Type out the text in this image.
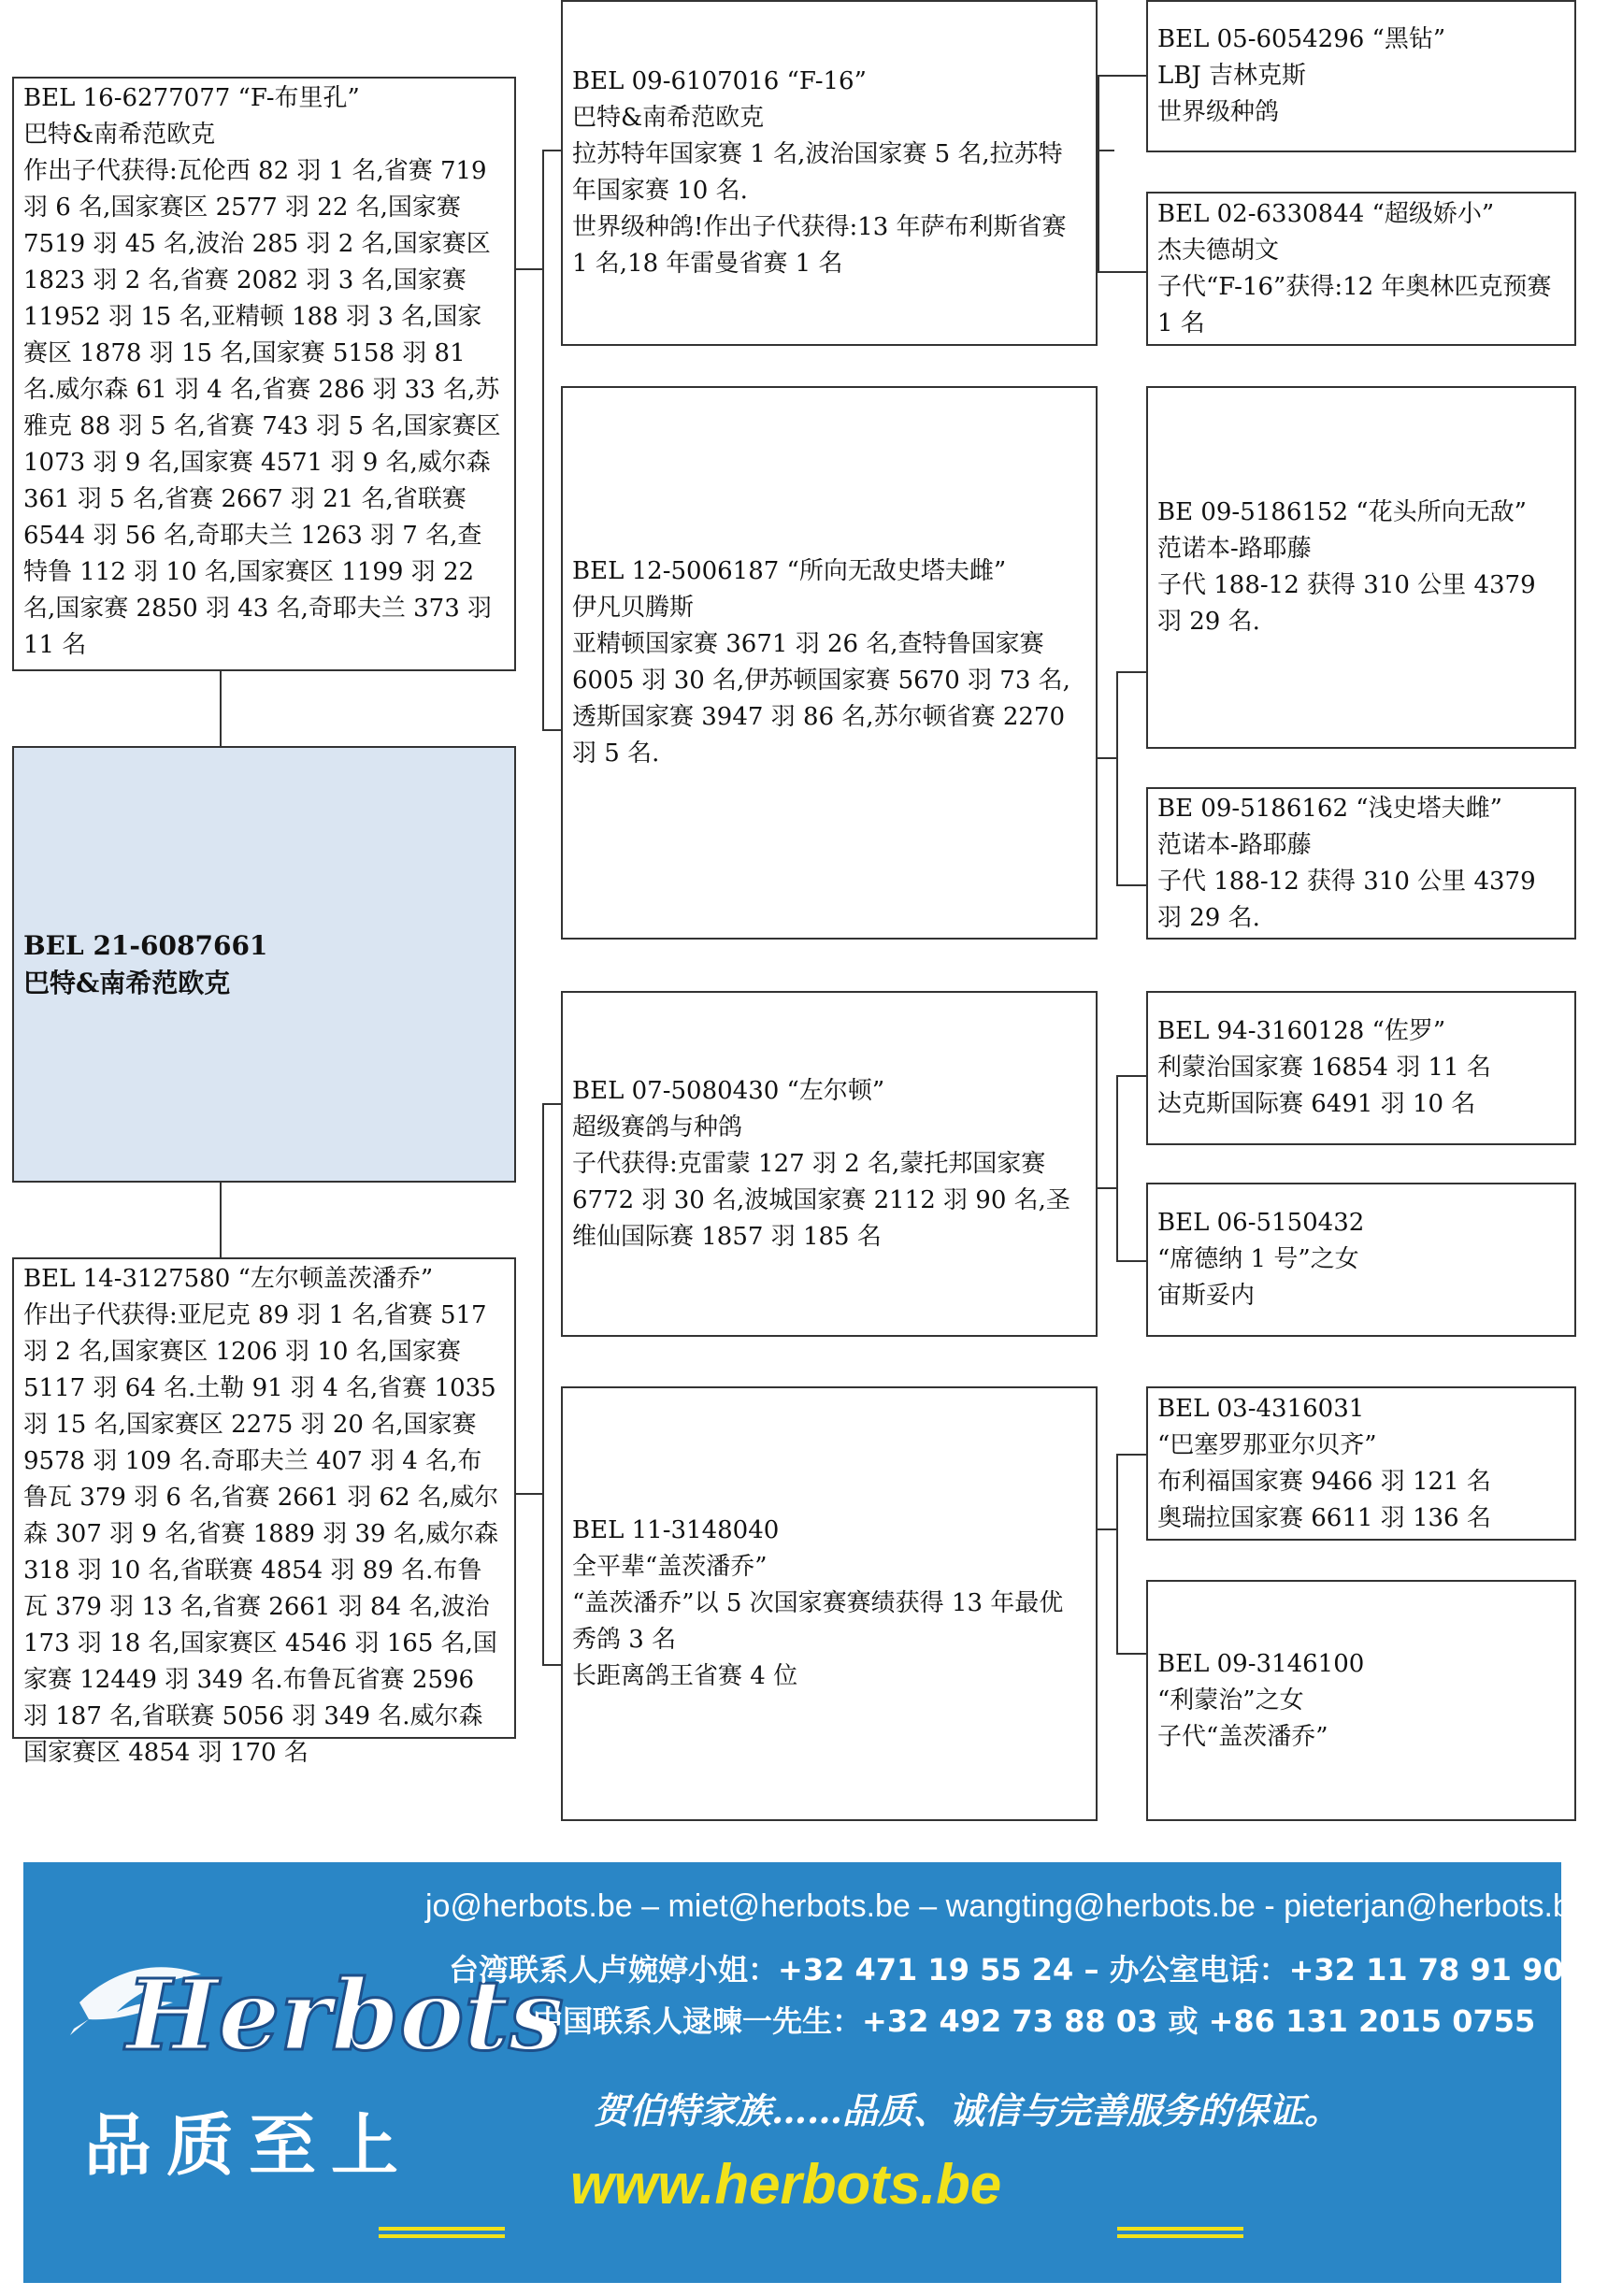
BEL 16-6277077 “F-布里孔”
巴特&南希范欧克
作出子代获得:瓦伦西 82 羽 1 名,省赛 719 羽 6 名,国家赛区 2577 羽 22 名,国家赛 7519 羽 45 名,波治 285 羽 2 名,国家赛区 1823 羽 2 名,省赛 2082 羽 3 名,国家赛 11952 羽 15 名,亚精顿 188 羽 3 名,国家赛区 1878 羽 15 名,国家赛 5158 羽 81 名.威尔森 61 羽 4 名,省赛 286 羽 33 名,苏雅克 88 羽 5 名,省赛 743 羽 5 名,国家赛区 1073 羽 9 名,国家赛 4571 羽 9 名,威尔森 361 羽 5 名,省赛 2667 羽 21 名,省联赛 6544 羽 56 名,奇耶夫兰 1263 羽 7 名,查特鲁 112 羽 10 名,国家赛区 1199 羽 22 名,国家赛 2850 羽 43 名,奇耶夫兰 373 羽 11 名
BEL 21-6087661
巴特&南希范欧克
BEL 14-3127580 “左尔顿盖茨潘乔”
作出子代获得:亚尼克 89 羽 1 名,省赛 517 羽 2 名,国家赛区 1206 羽 10 名,国家赛 5117 羽 64 名.土勒 91 羽 4 名,省赛 1035 羽 15 名,国家赛区 2275 羽 20 名,国家赛 9578 羽 109 名.奇耶夫兰 407 羽 4 名,布鲁瓦 379 羽 6 名,省赛 2661 羽 62 名,威尔森 307 羽 9 名,省赛 1889 羽 39 名,威尔森 318 羽 10 名,省联赛 4854 羽 89 名.布鲁瓦 379 羽 13 名,省赛 2661 羽 84 名,波治 173 羽 18 名,国家赛区 4546 羽 165 名,国家赛 12449 羽 349 名.布鲁瓦省赛 2596 羽 187 名,省联赛 5056 羽 349 名.威尔森国家赛区 4854 羽 170 名
BEL 09-6107016 “F-16”
巴特&南希范欧克
拉苏特年国家赛 1 名,波治国家赛 5 名,拉苏特年国家赛 10 名.
世界级种鸽!作出子代获得:13 年萨布利斯省赛 1 名,18 年雷曼省赛 1 名
BEL 12-5006187 “所向无敌史塔夫雌”
伊凡贝腾斯
亚精顿国家赛 3671 羽 26 名,查特鲁国家赛 6005 羽 30 名,伊苏顿国家赛 5670 羽 73 名,透斯国家赛 3947 羽 86 名,苏尔顿省赛 2270 羽 5 名.
BEL 07-5080430 “左尔顿”
超级赛鸽与种鸽
子代获得:克雷蒙 127 羽 2 名,蒙托邦国家赛 6772 羽 30 名,波城国家赛 2112 羽 90 名,圣维仙国际赛 1857 羽 185 名
BEL 11-3148040
全平辈“盖茨潘乔”
“盖茨潘乔”以 5 次国家赛赛绩获得 13 年最优秀鸽 3 名
长距离鸽王省赛 4 位
BEL 05-6054296 “黑钻”
LBJ 吉林克斯
世界级种鸽
BEL 02-6330844 “超级娇小”
杰夫德胡文
子代“F-16”获得:12 年奥林匹克预赛 1 名
BE 09-5186152 “花头所向无敌”
范诺本-路耶藤
子代 188-12 获得 310 公里 4379 羽 29 名.
BE 09-5186162 “浅史塔夫雌”
范诺本-路耶藤
子代 188-12 获得 310 公里 4379 羽 29 名.
BEL 94-3160128 “佐罗”
利蒙治国家赛 16854 羽 11 名
达克斯国际赛 6491 羽 10 名
BEL 06-5150432
“席德纳 1 号”之女
宙斯妥内
BEL 03-4316031
“巴塞罗那亚尔贝齐”
布利福国家赛 9466 羽 121 名
奥瑞拉国家赛 6611 羽 136 名
BEL 09-3146100
“利蒙治”之女
子代“盖茨潘乔”
Herbots
品质至上
jo@herbots.be – miet@herbots.be – wangting@herbots.be - pieterjan@herbots.be
台湾联系人卢婉婷小姐：+32 471 19 55 24 – 办公室电话：+32 11 78 91 90
中国联系人逯暕一先生：+32 492 73 88 03 或 +86 131 2015 0755
贺伯特家族……品质、诚信与完善服务的保证。
www.herbots.be
